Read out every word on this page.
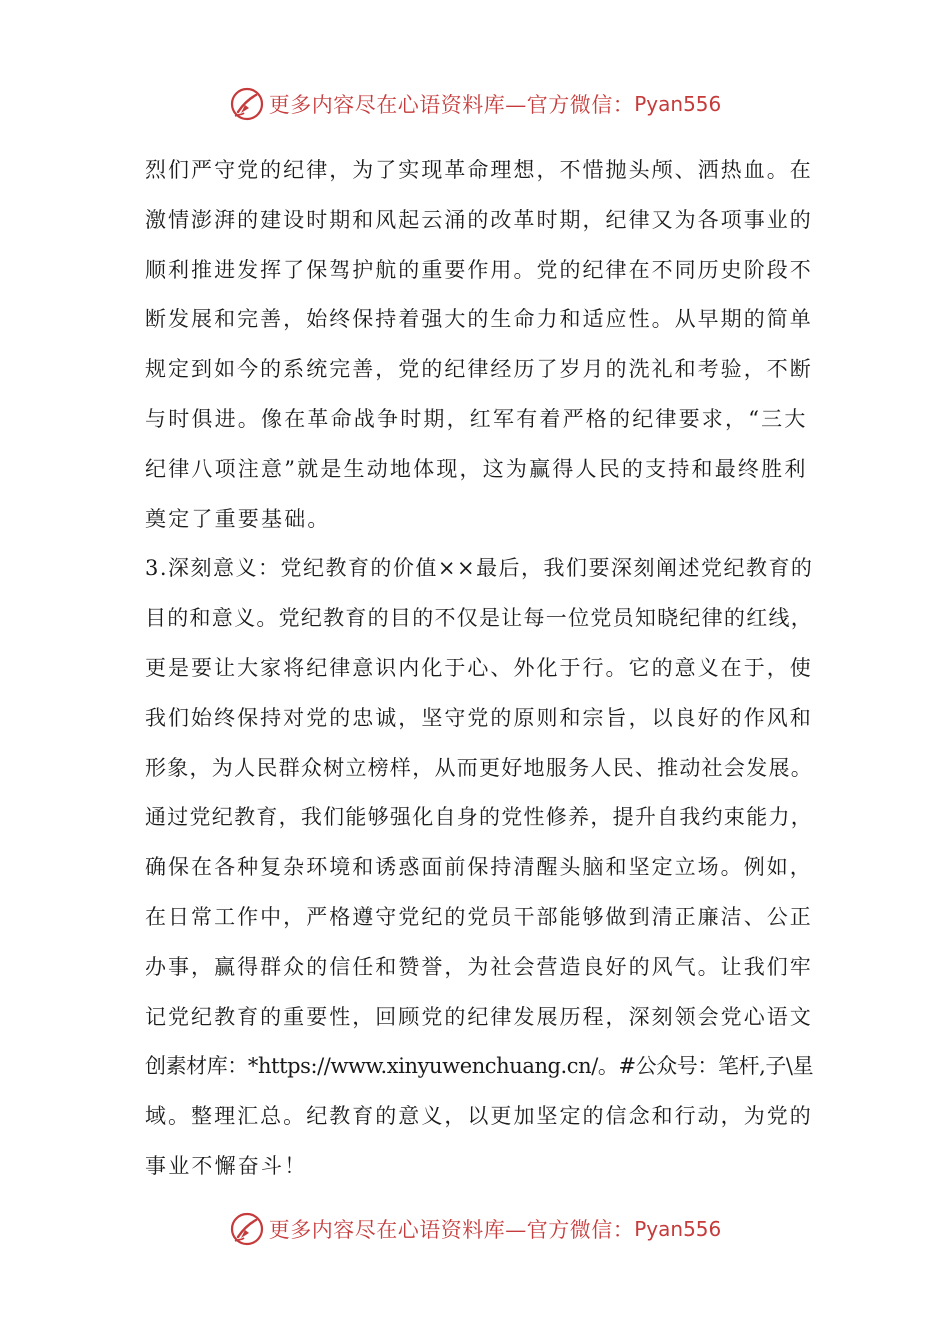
更多内容尽在心语资料库—官方微信： Pyan556
烈们严守党的纪律，为了实现革命理想，不惜抛头颅、洒热血。在
激情澎湃的建设时期和风起云涌的改革时期，纪律又为各项事业的
顺利推进发挥了保驾护航的重要作用。党的纪律在不同历史阶段不
断发展和完善，始终保持着强大的生命力和适应性。从早期的简单
规定到如今的系统完善，党的纪律经历了岁月的洗礼和考验，不断
与时俱进。像在革命战争时期，红军有着严格的纪律要求，“三大
纪律八项注意”就是生动地体现，这为赢得人民的支持和最终胜利
奠定了重要基础。
3.深刻意义：党纪教育的价值××最后，我们要深刻阐述党纪教育的
目的和意义。党纪教育的目的不仅是让每一位党员知晓纪律的红线，
更是要让大家将纪律意识内化于心、外化于行。它的意义在于，使
我们始终保持对党的忠诚，坚守党的原则和宗旨，以良好的作风和
形象，为人民群众树立榜样，从而更好地服务人民、推动社会发展。
通过党纪教育，我们能够强化自身的党性修养，提升自我约束能力，
确保在各种复杂环境和诱惑面前保持清醒头脑和坚定立场。例如，
在日常工作中，严格遵守党纪的党员干部能够做到清正廉洁、公正
办事，赢得群众的信任和赞誉，为社会营造良好的风气。让我们牢
记党纪教育的重要性，回顾党的纪律发展历程，深刻领会党心语文
创素材库：*https://www.xinyuwenchuang.cn/。#公众号：笔杆,子\星
域。整理汇总。纪教育的意义，以更加坚定的信念和行动，为党的
事业不懈奋斗！
更多内容尽在心语资料库—官方微信： Pyan556
